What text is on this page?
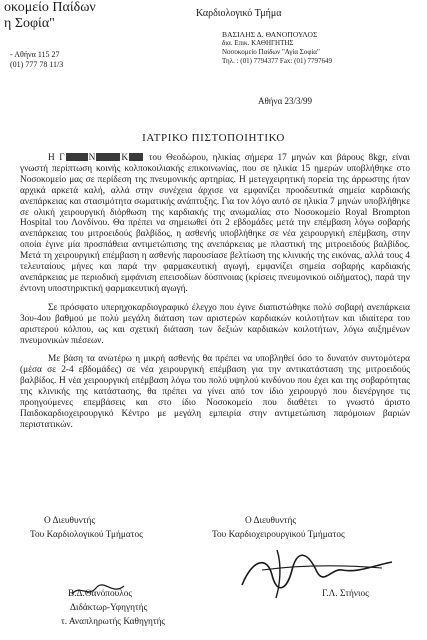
οκομείο Παίδων
η Σοφία"
- Αθήνα 115 27
(01) 777 78 11/3
Καρδιολογικό Τμήμα
ΒΑΣΙΛΗΣ Δ. ΘΑΝΟΠΟΥΛΟΣ
δια. Επικ. ΚΑΘΗΓΗΤΗΣ
Νοσοκομείο Παίδων "Αγία Σοφία"
Τηλ. : (01) 7794377 Fax: (01) 7797649
Αθήνα 23/3/99
ΙΑΤΡΙΚΟ ΠΙΣΤΟΠΟΙΗΤΙΚΟ
Η Γ	Ν	Κ του Θεοδώρου, ηλικίας σήμερα 17 μηνών και βάρους 8kgr, είναι γνωστή περίπτωση κοινής κολποκοιλιακής επικοινωνίας, που σε ηλικία 15 ημερών υποβλήθηκε στο Νοσοκομείο μας σε περίδεση της πνευμονικής αρτηρίας. Η μετεγχειρητική πορεία της άρρωστης ήταν αρχικά αρκετά καλή, αλλά στην συνέχεια άρχισε να εμφανίζει προοδευτικά σημεία καρδιακής ανεπάρκειας και στασιμότητα σωματικής ανάπτυξης. Για τον λόγο αυτό σε ηλικία 7 μηνών υποβλήθηκε σε ολική χειρουργική διόρθωση της καρδιακής της ανωμαλίας στο Νοσοκομείο Royal Brompton Hospital του Λονδίνου. Θα πρέπει να σημειωθεί ότι 2 εβδομάδες μετά την επέμβαση λόγω σοβαρής ανεπάρκειας του μιτροειδούς βαλβίδος, η ασθενής υποβλήθηκε σε νέα χειρουργική επέμβαση, στην οποία έγινε μία προσπάθεια αντιμετώπισης της ανεπάρκειας με πλαστική της μιτροειδούς βαλβίδος. Μετά τη χειρουργική επέμβαση η ασθενής παρουσίασε βελτίωση της κλινικής της εικόνας, αλλά τους 4 τελευταίους μήνες και παρά την φαρμακευτική αγωγή, εμφανίζει σημεία σοβαρής καρδιακής ανεπάρκειας με περιοδική εμφάνιση επεισοδίων δύσπνοιας (κρίσεις πνευμονικού οιδήματος), παρά την έντονη υποστηρικτική φαρμακευτική αγωγή.
Σε πρόσφατο υπερηχοκαρδιογραφικό έλεγχο που έγινε διαπιστώθηκε πολύ σοβαρή ανεπάρκεια 3ου-4ου βαθμού με πολύ μεγάλη διάταση των αριστερών καρδιακών κοιλοτήτων και ιδιαίτερα του αριστερού κόλπου, ως και σχετική διάταση των δεξιών καρδιακών κοιλοτήτων, λόγω αυξημένων πνευμονικών πιέσεων.
Με βάση τα ανωτέρω η μικρή ασθενής θα πρέπει να υποβληθεί όσο το δυνατόν συντομότερα (μέσα σε 2-4 εβδομάδες) σε νέα χειρουργική επέμβαση για την αντικατάσταση της μιτροειδούς βαλβίδος. Η νέα χειρουργική επέμβαση λόγω του πολύ υψηλού κινδύνου που έχει και της σοβαρότητας της κλινικής της κατάστασης, θα πρέπει να γίνει από τον ίδιο χειρουργό που διενέργησε τις προηγούμενες επεμβάσεις και στο ίδιο Νοσοκομείο που διαθέτει το γνωστό άριστο Παιδοκαρδιοχειρουργικό Κέντρο με μεγάλη εμπειρία στην αντιμετώπιση παρόμοιων βαριών περιστατικών.
Ο Διευθυντής
Του Καρδιολογικού Τμήματος
Ο Διευθυντής
Του Καρδιοχειρουργικού Τμήματος
Β.Δ.Θανόπουλος
Διδάκτωρ-Υφηγητής
τ. Αναπληρωτής Καθηγητής
Γ.Λ. Στήνιος
